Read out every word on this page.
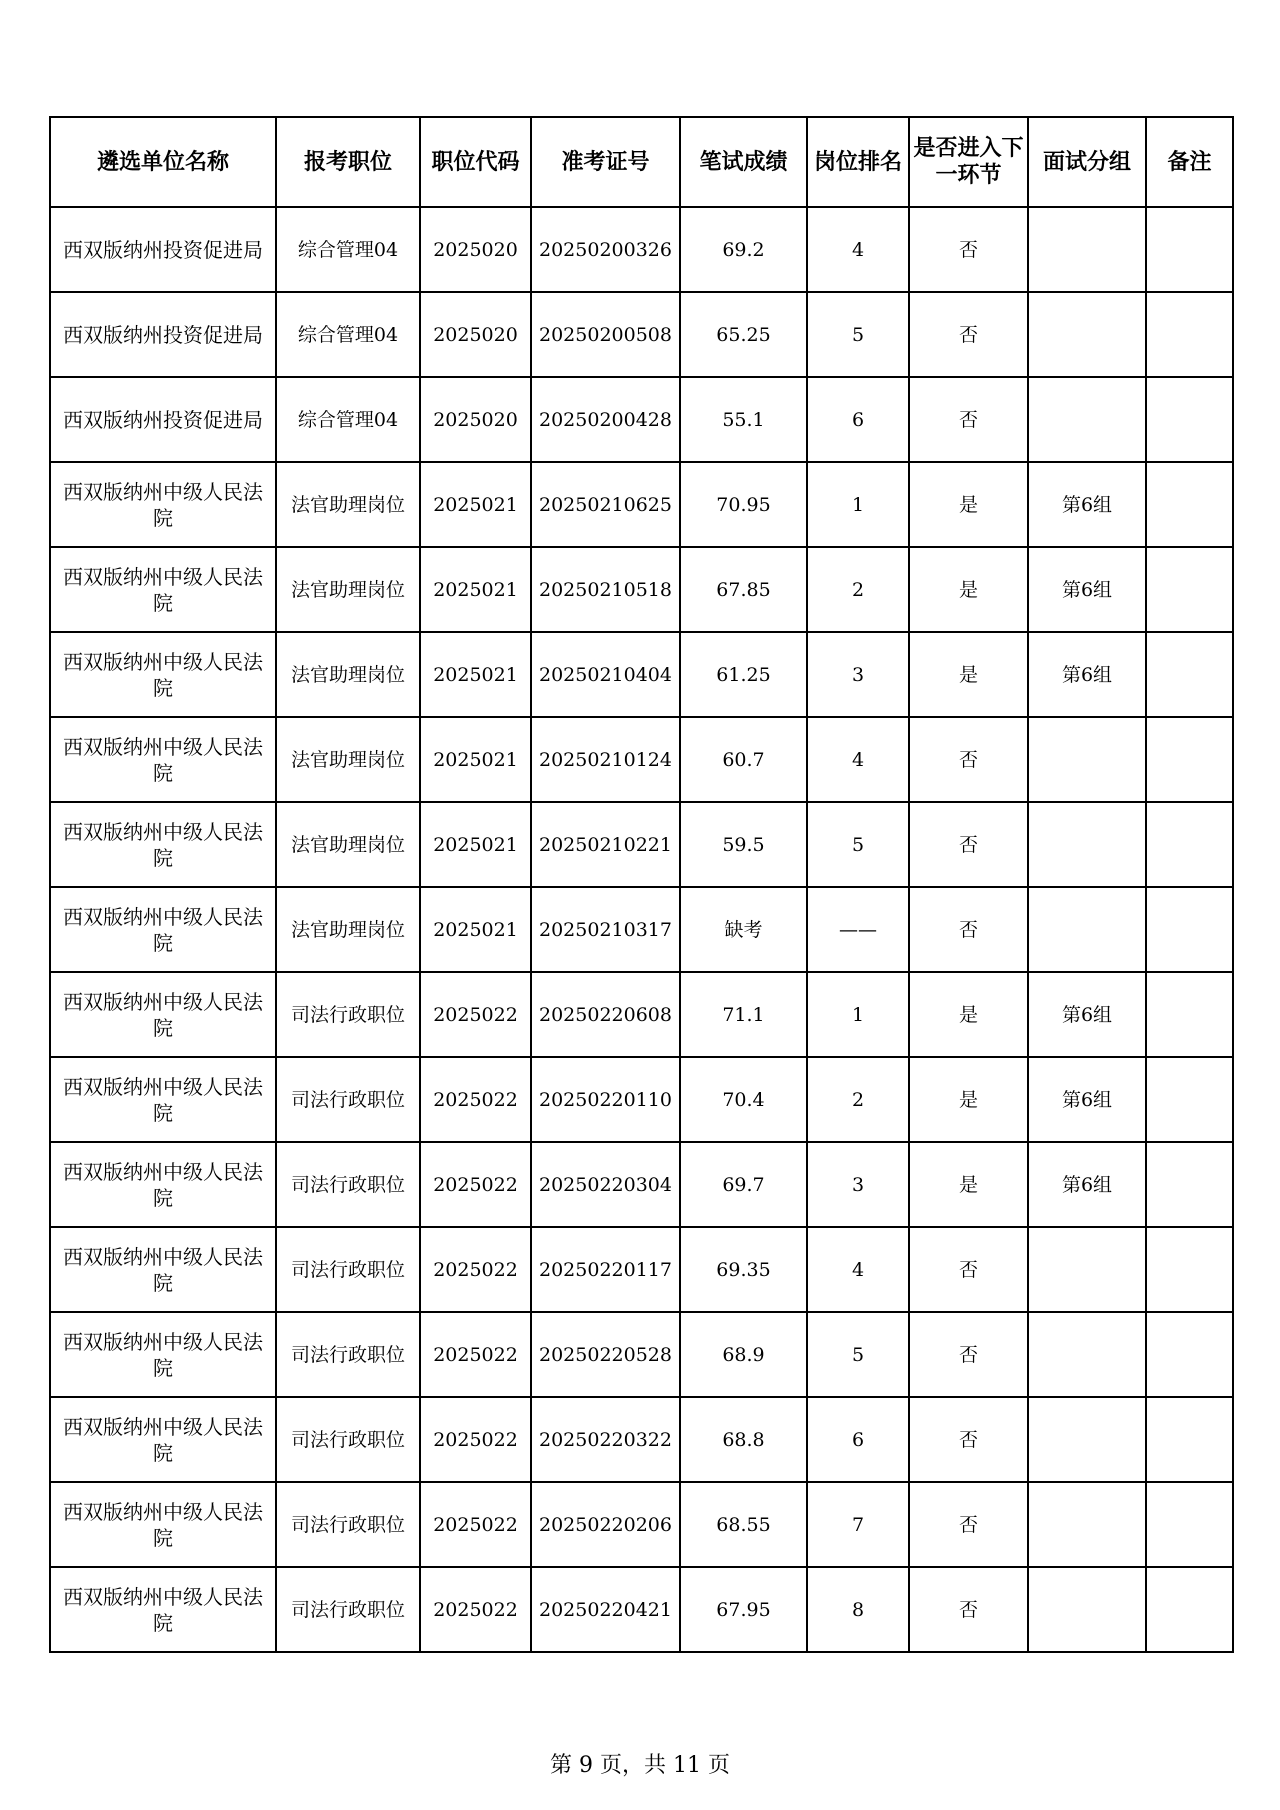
遴选单位名称	报考职位	职位代码	准考证号	笔试成绩	岗位排名	是否进入下一环节	面试分组	备注
西双版纳州投资促进局	综合管理04	2025020	20250200326	69.2	4	否		
西双版纳州投资促进局	综合管理04	2025020	20250200508	65.25	5	否		
西双版纳州投资促进局	综合管理04	2025020	20250200428	55.1	6	否		
西双版纳州中级人民法院	法官助理岗位	2025021	20250210625	70.95	1	是	第6组	
西双版纳州中级人民法院	法官助理岗位	2025021	20250210518	67.85	2	是	第6组	
西双版纳州中级人民法院	法官助理岗位	2025021	20250210404	61.25	3	是	第6组	
西双版纳州中级人民法院	法官助理岗位	2025021	20250210124	60.7	4	否		
西双版纳州中级人民法院	法官助理岗位	2025021	20250210221	59.5	5	否		
西双版纳州中级人民法院	法官助理岗位	2025021	20250210317	缺考	——	否		
西双版纳州中级人民法院	司法行政职位	2025022	20250220608	71.1	1	是	第6组	
西双版纳州中级人民法院	司法行政职位	2025022	20250220110	70.4	2	是	第6组	
西双版纳州中级人民法院	司法行政职位	2025022	20250220304	69.7	3	是	第6组	
西双版纳州中级人民法院	司法行政职位	2025022	20250220117	69.35	4	否		
西双版纳州中级人民法院	司法行政职位	2025022	20250220528	68.9	5	否		
西双版纳州中级人民法院	司法行政职位	2025022	20250220322	68.8	6	否		
西双版纳州中级人民法院	司法行政职位	2025022	20250220206	68.55	7	否		
西双版纳州中级人民法院	司法行政职位	2025022	20250220421	67.95	8	否		
第 9 页，共 11 页
